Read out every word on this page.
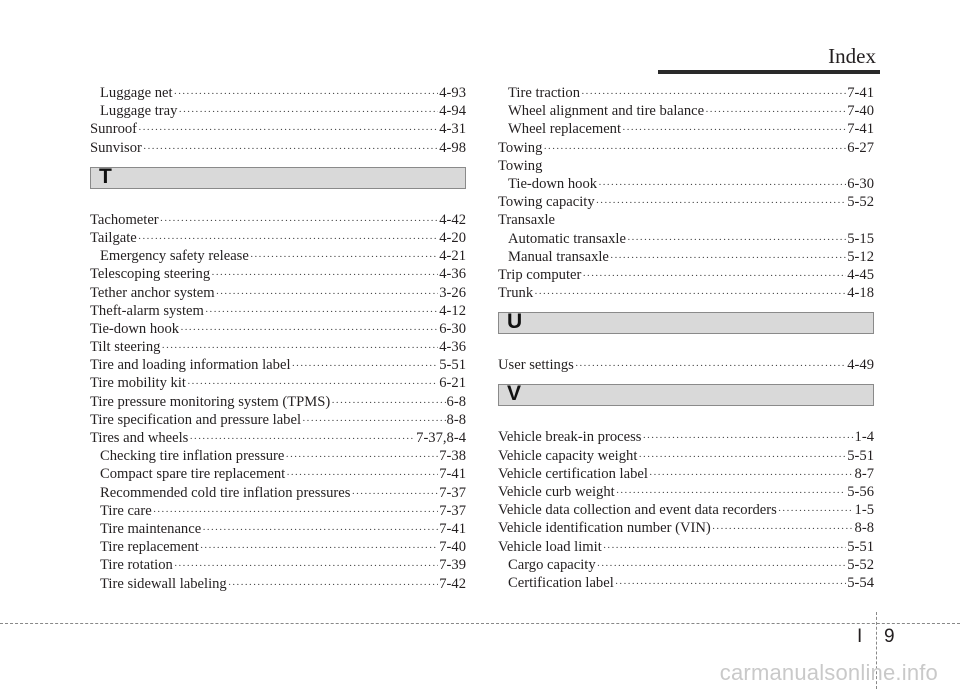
Index
Luggage net ·····	4-93
Luggage tray ·····	4-94
Sunroof ·····	4-31
Sunvisor ·····	4-98
T
Tachometer ·····	4-42
Tailgate ·····	4-20
Emergency safety release ·····	4-21
Telescoping steering ·····	4-36
Tether anchor system ·····	3-26
Theft-alarm system ·····	4-12
Tie-down hook ·····	6-30
Tilt steering ·····	4-36
Tire and loading information label ·····	5-51
Tire mobility kit ·····	6-21
Tire pressure monitoring system (TPMS) ·····	6-8
Tire specification and pressure label ·····	8-8
Tires and wheels ·····	7-37,8-4
Checking tire inflation pressure ·····	7-38
Compact spare tire replacement ·····	7-41
Recommended cold tire inflation pressures ·····	7-37
Tire care ·····	7-37
Tire maintenance ·····	7-41
Tire replacement ·····	7-40
Tire rotation ·····	7-39
Tire sidewall labeling ·····	7-42
Tire traction ·····	7-41
Wheel alignment and tire balance ·····	7-40
Wheel replacement ·····	7-41
Towing ·····	6-27
Towing
Tie-down hook ·····	6-30
Towing capacity ·····	5-52
Transaxle
Automatic transaxle ·····	5-15
Manual transaxle ·····	5-12
Trip computer ·····	4-45
Trunk ·····	4-18
U
User settings ·····	4-49
V
Vehicle break-in process ·····	1-4
Vehicle capacity weight ·····	5-51
Vehicle certification label ·····	8-7
Vehicle curb weight ·····	5-56
Vehicle data collection and event data recorders ·····	1-5
Vehicle identification number (VIN) ·····	8-8
Vehicle load limit ·····	5-51
Cargo capacity ·····	5-52
Certification label ·····	5-54
I 9
carmanualsonline.info
